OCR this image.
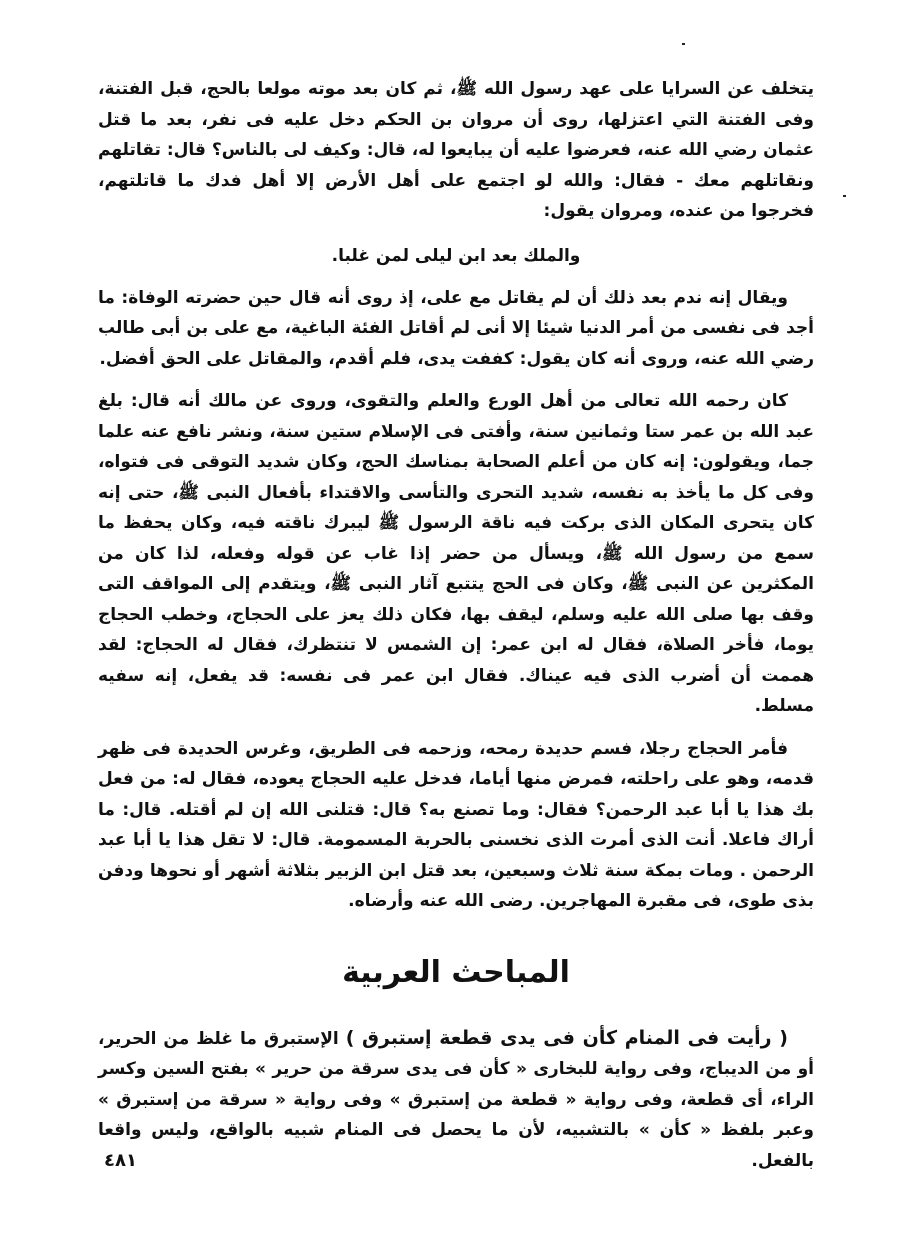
يتخلف عن السرايا على عهد رسول الله ﷺ، ثم كان بعد موته مولعا بالحج، قبل الفتنة، وفى الفتنة التي اعتزلها، روى أن مروان بن الحكم دخل عليه فى نفر، بعد ما قتل عثمان رضي الله عنه، فعرضوا عليه أن يبايعوا له، قال: وكيف لى بالناس؟ قال: تقاتلهم ونقاتلهم معك - فقال: والله لو اجتمع على أهل الأرض إلا أهل فدك ما قاتلتهم، فخرجوا من عنده، ومروان يقول:

والملك بعد ابن ليلى لمن غلبا.

ويقال إنه ندم بعد ذلك أن لم يقاتل مع على، إذ روى أنه قال حين حضرته الوفاة: ما أجد فى نفسى من أمر الدنيا شيئا إلا أنى لم أقاتل الفئة الباغية، مع على بن أبى طالب رضي الله عنه، وروى أنه كان يقول: كففت يدى، فلم أقدم، والمقاتل على الحق أفضل.

كان رحمه الله تعالى من أهل الورع والعلم والتقوى، وروى عن مالك أنه قال: بلغ عبد الله بن عمر ستا وثمانين سنة، وأفتى فى الإسلام ستين سنة، ونشر نافع عنه علما جما، ويقولون: إنه كان من أعلم الصحابة بمناسك الحج، وكان شديد التوقى فى فتواه، وفى كل ما يأخذ به نفسه، شديد التحرى والتأسى والاقتداء بأفعال النبى ﷺ، حتى إنه كان يتحرى المكان الذى بركت فيه ناقة الرسول ﷺ ليبرك ناقته فيه، وكان يحفظ ما سمع من رسول الله ﷺ، ويسأل من حضر إذا غاب عن قوله وفعله، لذا كان من المكثرين عن النبى ﷺ، وكان فى الحج يتتبع آثار النبى ﷺ، ويتقدم إلى المواقف التى وقف بها صلى الله عليه وسلم، ليقف بها، فكان ذلك يعز على الحجاج، وخطب الحجاج يوما، فأخر الصلاة، فقال له ابن عمر: إن الشمس لا تنتظرك، فقال له الحجاج: لقد هممت أن أضرب الذى فيه عيناك. فقال ابن عمر فى نفسه: قد يفعل، إنه سفيه مسلط.

فأمر الحجاج رجلا، فسم حديدة رمحه، وزحمه فى الطريق، وغرس الحديدة فى ظهر قدمه، وهو على راحلته، فمرض منها أياما، فدخل عليه الحجاج يعوده، فقال له: من فعل بك هذا يا أبا عبد الرحمن؟ فقال: وما تصنع به؟ قال: قتلنى الله إن لم أقتله. قال: ما أراك فاعلا. أنت الذى أمرت الذى نخسنى بالحربة المسمومة. قال: لا تقل هذا يا أبا عبد الرحمن . ومات بمكة سنة ثلاث وسبعين، بعد قتل ابن الزبير بثلاثة أشهر أو نحوها ودفن بذى طوى، فى مقبرة المهاجرين. رضى الله عنه وأرضاه.

المباحث العربية

( رأيت فى المنام كأن فى يدى قطعة إستبرق ) الإستبرق ما غلظ من الحرير، أو من الديباج، وفى رواية للبخارى « كأن فى يدى سرقة من حرير » بفتح السين وكسر الراء، أى قطعة، وفى رواية « قطعة من إستبرق » وفى رواية « سرقة من إستبرق » وعبر بلفظ « كأن » بالتشبيه، لأن ما يحصل فى المنام شبيه بالواقع، وليس واقعا بالفعل.

٤٨١
